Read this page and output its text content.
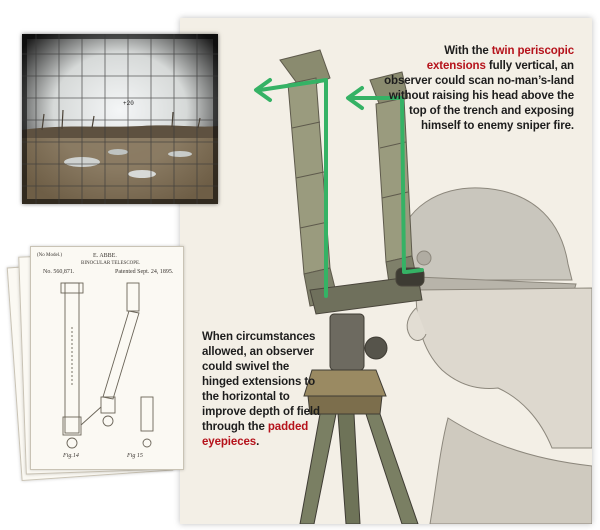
With the twin periscopic extensions fully vertical, an observer could scan no-man’s-land without raising his head above the top of the trench and exposing himself to enemy sniper fire.
When circumstances allowed, an observer could swivel the hinged extensions to the horizontal to improve depth of field through the padded eyepieces.
+20
(No Model.)	E. ABBE.
BINOCULAR TELESCOPE.
No. 560,871.	Patented Sept. 24, 1895.
Fig.14	Fig 15
